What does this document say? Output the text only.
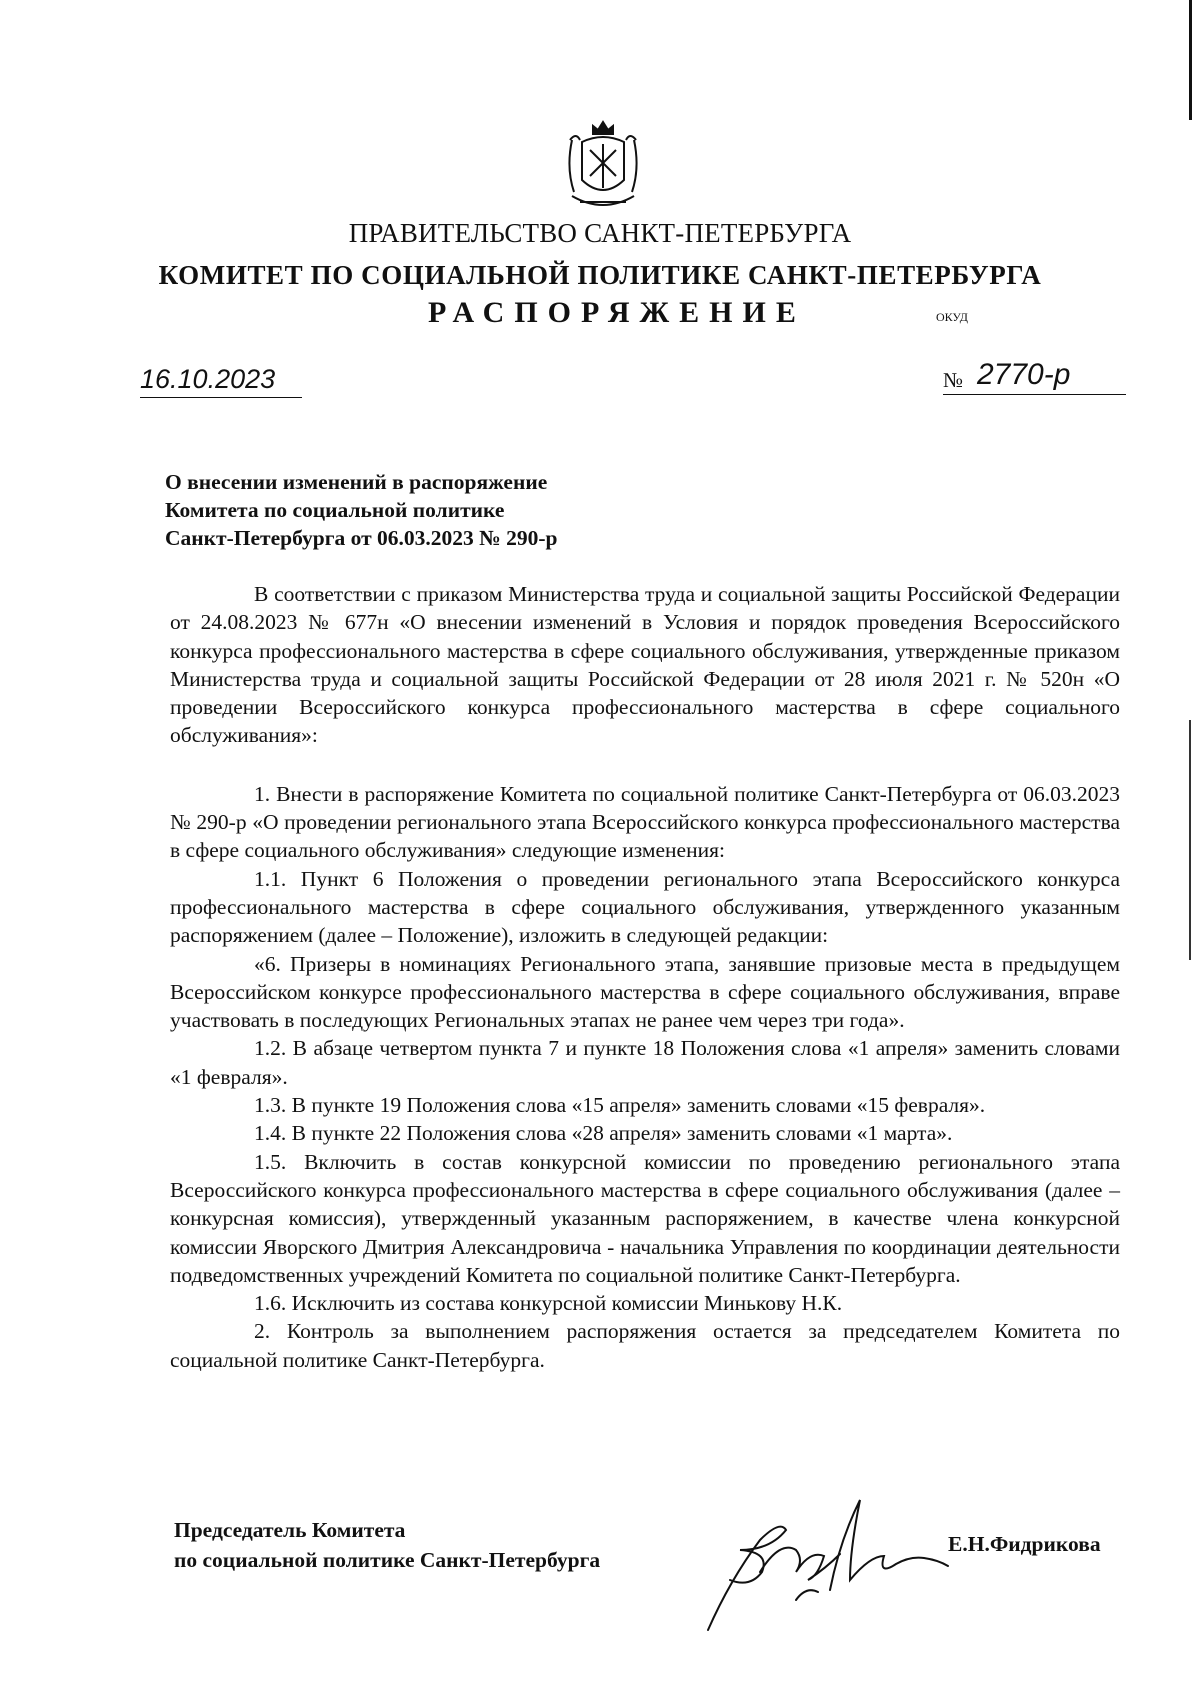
ПРАВИТЕЛЬСТВО САНКТ-ПЕТЕРБУРГА
КОМИТЕТ ПО СОЦИАЛЬНОЙ ПОЛИТИКЕ САНКТ-ПЕТЕРБУРГА
РАСПОРЯЖЕНИЕ	ОКУД
16.10.2023	№ 2770-р
О внесении изменений в распоряжение
Комитета по социальной политике
Санкт-Петербурга от 06.03.2023 № 290-р

В соответствии с приказом Министерства труда и социальной защиты Российской Федерации от 24.08.2023 № 677н «О внесении изменений в Условия и порядок проведения Всероссийского конкурса профессионального мастерства в сфере социального обслуживания, утвержденные приказом Министерства труда и социальной защиты Российской Федерации от 28 июля 2021 г. № 520н «О проведении Всероссийского конкурса профессионального мастерства в сфере социального обслуживания»:

1. Внести в распоряжение Комитета по социальной политике Санкт-Петербурга от 06.03.2023 № 290-р «О проведении регионального этапа Всероссийского конкурса профессионального мастерства в сфере социального обслуживания» следующие изменения:

1.1. Пункт 6 Положения о проведении регионального этапа Всероссийского конкурса профессионального мастерства в сфере социального обслуживания, утвержденного указанным распоряжением (далее – Положение), изложить в следующей редакции:

«6. Призеры в номинациях Регионального этапа, занявшие призовые места в предыдущем Всероссийском конкурсе профессионального мастерства в сфере социального обслуживания, вправе участвовать в последующих Региональных этапах не ранее чем через три года».

1.2. В абзаце четвертом пункта 7 и пункте 18 Положения слова «1 апреля» заменить словами «1 февраля».

1.3. В пункте 19 Положения слова «15 апреля» заменить словами «15 февраля».

1.4. В пункте 22 Положения слова «28 апреля» заменить словами «1 марта».

1.5. Включить в состав конкурсной комиссии по проведению регионального этапа Всероссийского конкурса профессионального мастерства в сфере социального обслуживания (далее – конкурсная комиссия), утвержденный указанным распоряжением, в качестве члена конкурсной комиссии Яворского Дмитрия Александровича - начальника Управления по координации деятельности подведомственных учреждений Комитета по социальной политике Санкт-Петербурга.

1.6. Исключить из состава конкурсной комиссии Минькову Н.К.

2. Контроль за выполнением распоряжения остается за председателем Комитета по социальной политике Санкт-Петербурга.

Председатель Комитета
по социальной политике Санкт-Петербурга
Е.Н.Фидрикова
